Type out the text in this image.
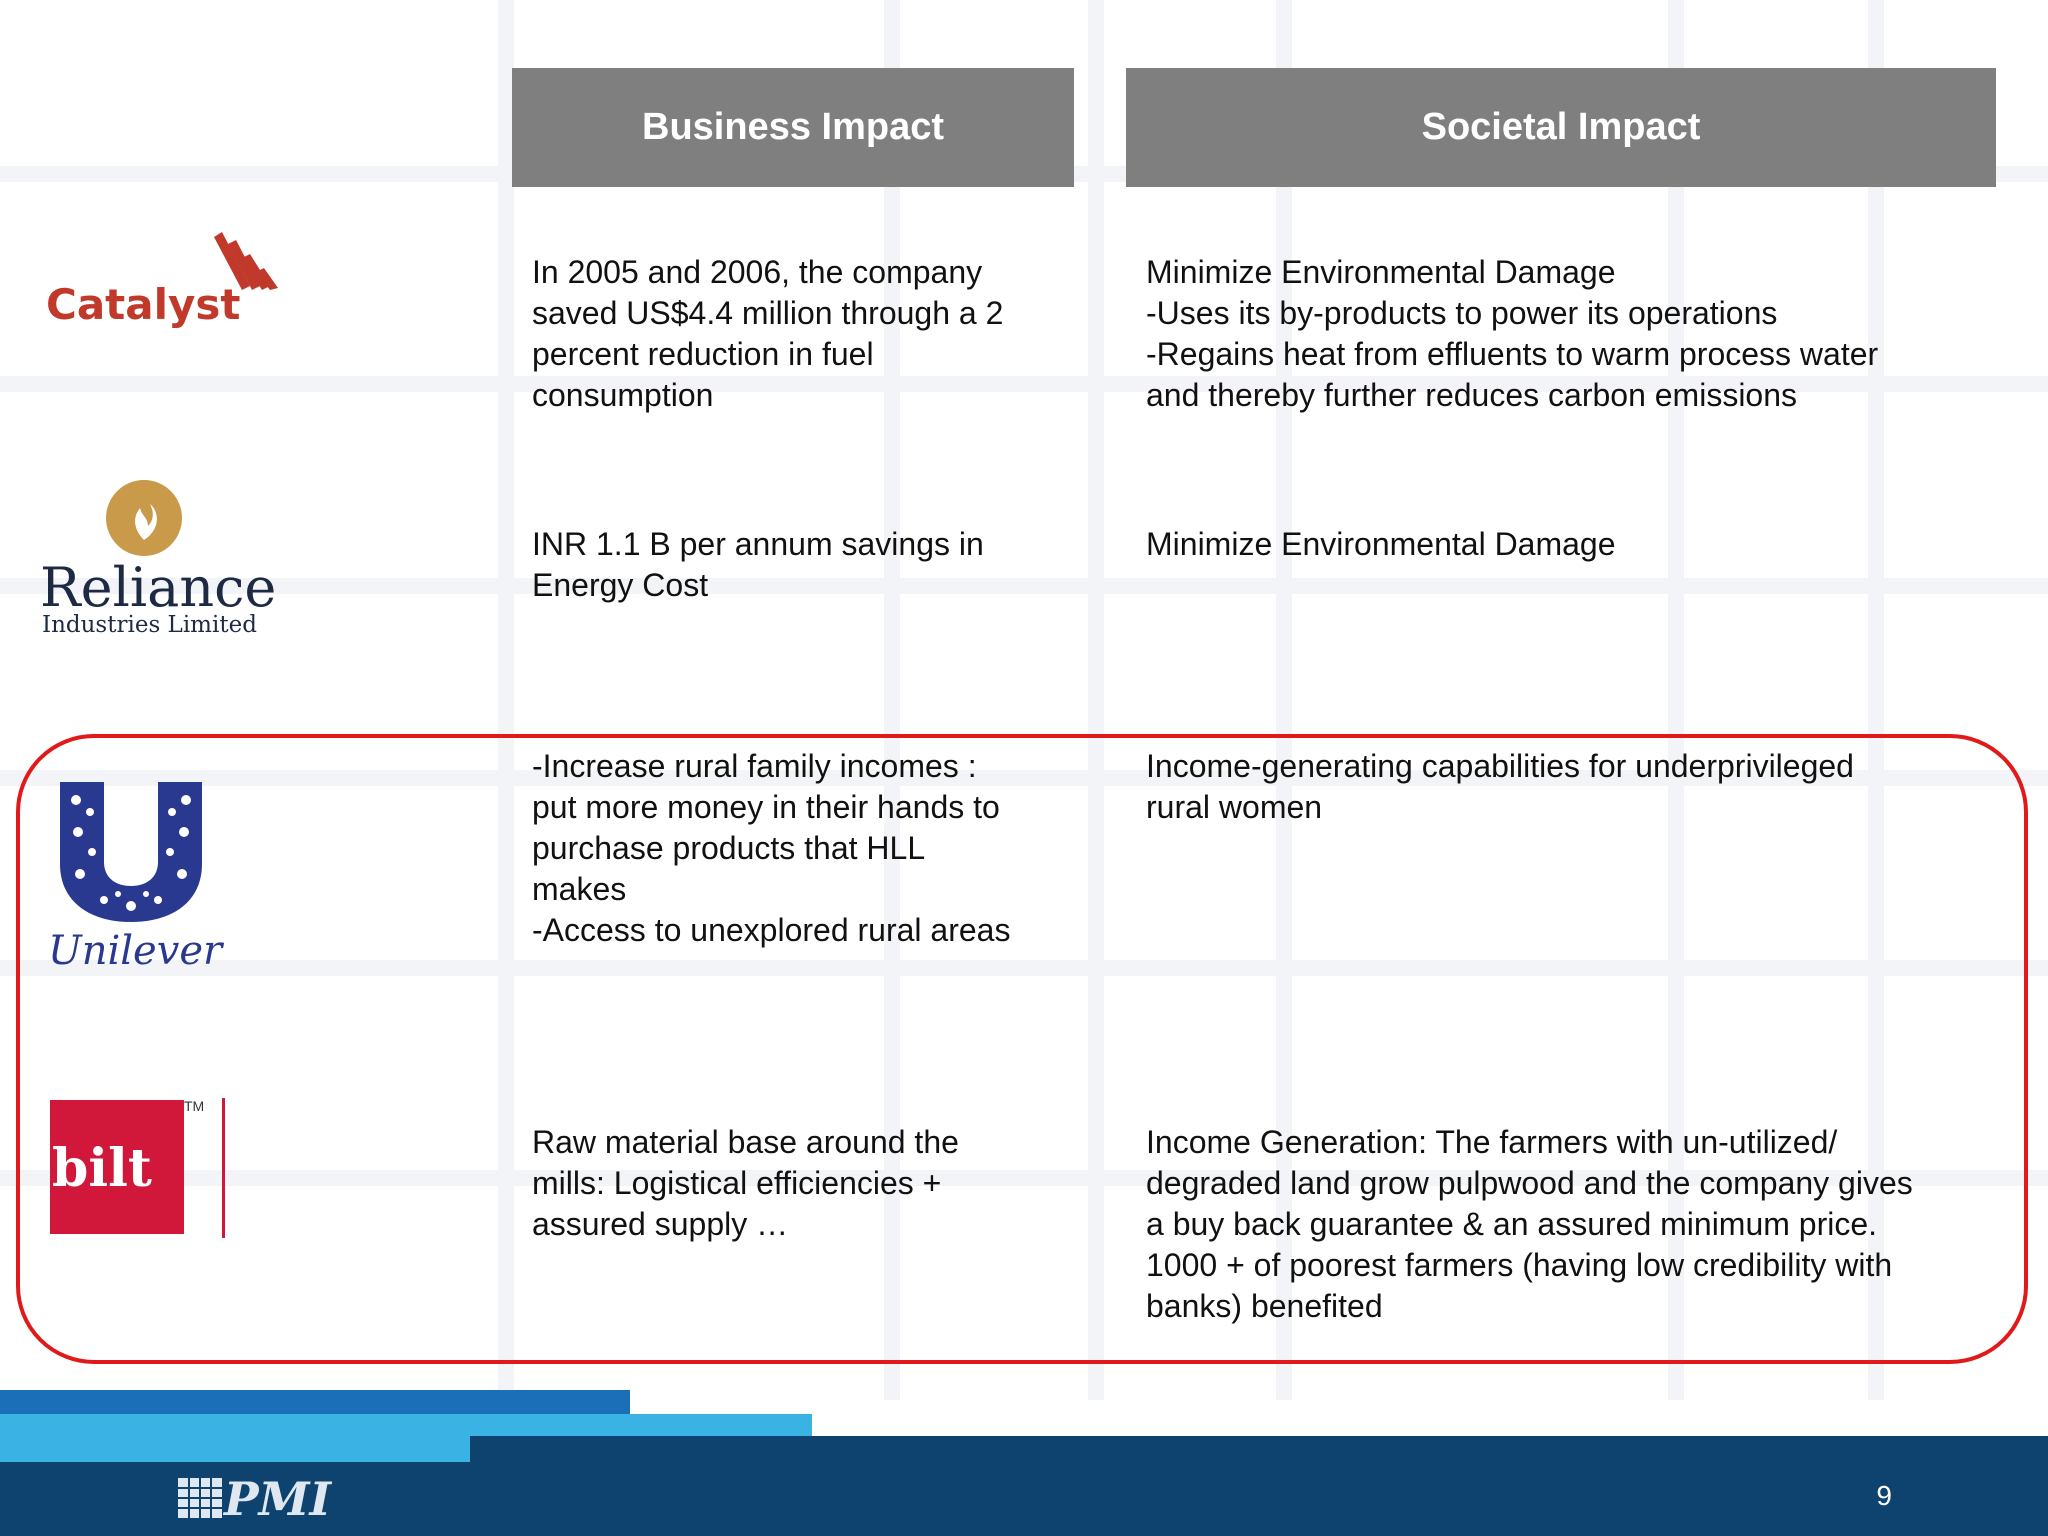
Business Impact	Societal Impact
Catalyst
In 2005 and 2006, the company
saved US$4.4 million through a 2
percent reduction in fuel
consumption
Minimize Environmental Damage
-Uses its by-products to power its operations
-Regains heat from effluents to warm process water
and thereby further reduces carbon emissions
Reliance
Industries Limited
INR 1.1 B per annum savings in
Energy Cost
Minimize Environmental Damage
Unilever
-Increase rural family incomes :
put more money in their hands to
purchase products that HLL
makes
-Access to unexplored rural areas
Income-generating capabilities for underprivileged
rural women
bilt
TM
Raw material base around the
mills: Logistical efficiencies +
assured supply …
Income Generation: The farmers with un-utilized/
degraded land grow pulpwood and the company gives
a buy back guarantee & an assured minimum price.
1000 + of poorest farmers (having low credibility with
banks) benefited
PMI	9
